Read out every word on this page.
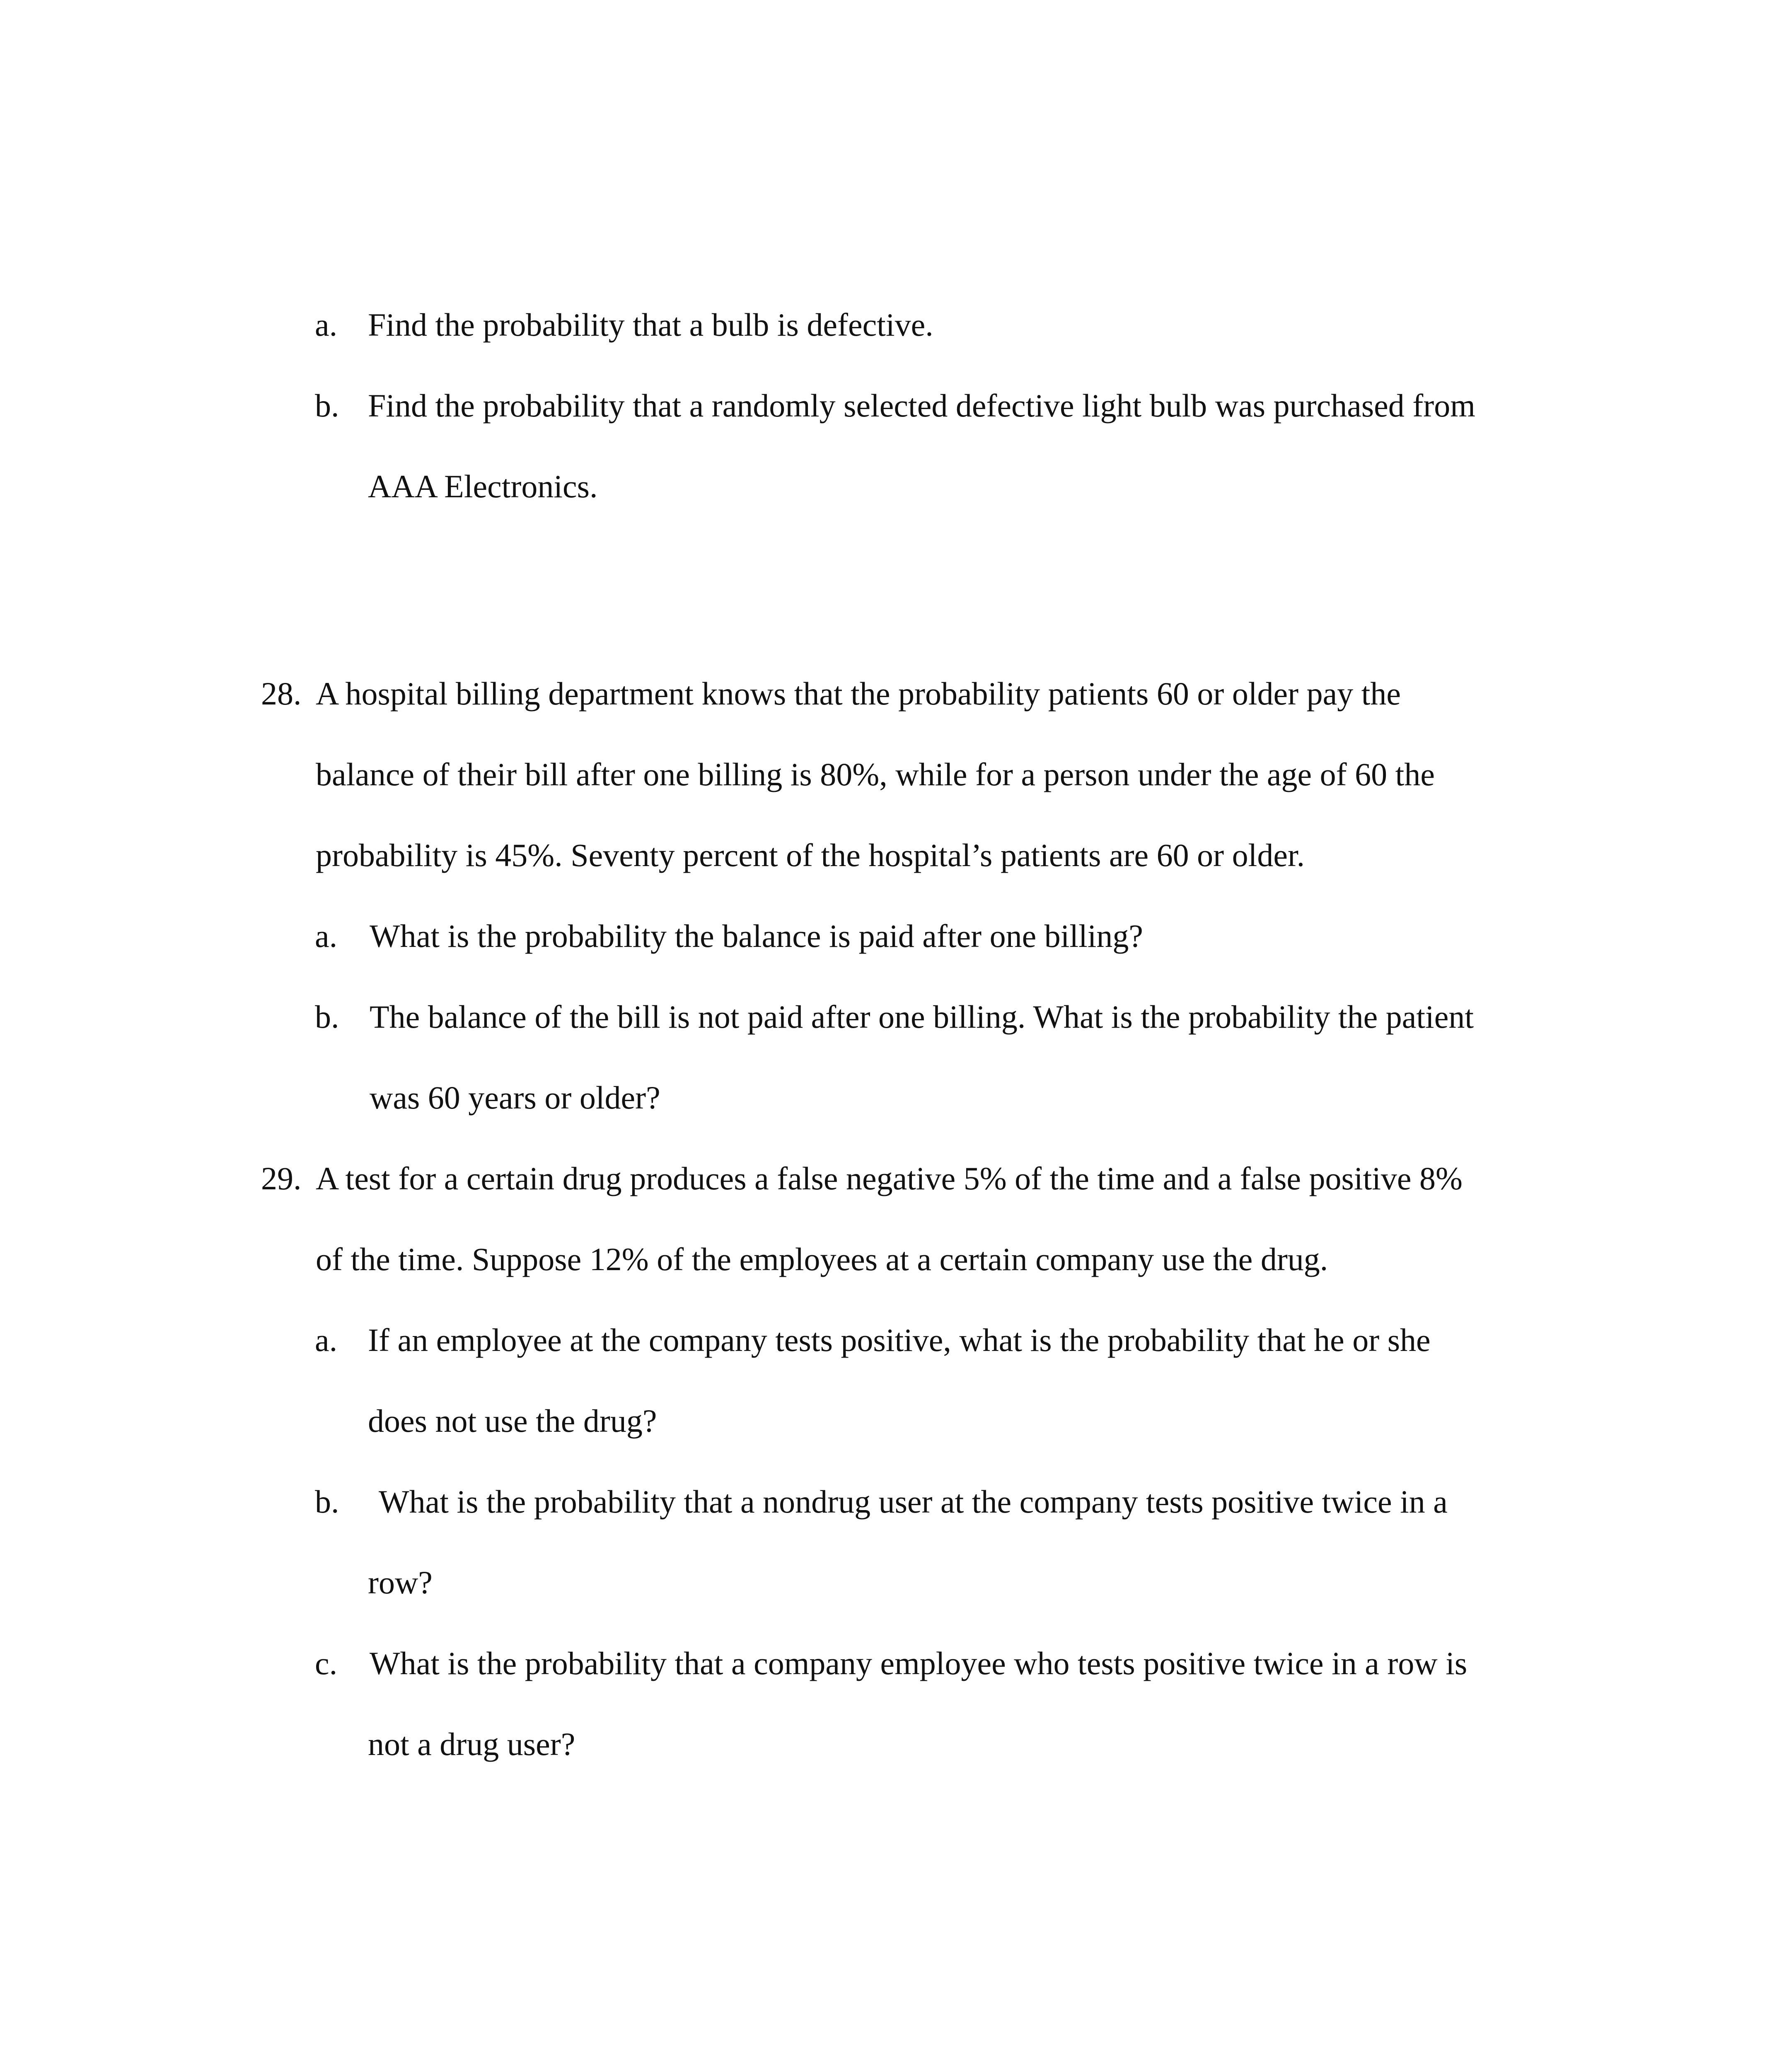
a. Find the probability that a bulb is defective.
b. Find the probability that a randomly selected defective light bulb was purchased from
AAA Electronics.
28. A hospital billing department knows that the probability patients 60 or older pay the
balance of their bill after one billing is 80%, while for a person under the age of 60 the
probability is 45%. Seventy percent of the hospital’s patients are 60 or older.
a. What is the probability the balance is paid after one billing?
b. The balance of the bill is not paid after one billing. What is the probability the patient
was 60 years or older?
29. A test for a certain drug produces a false negative 5% of the time and a false positive 8%
of the time. Suppose 12% of the employees at a certain company use the drug.
a. If an employee at the company tests positive, what is the probability that he or she
does not use the drug?
b. What is the probability that a nondrug user at the company tests positive twice in a
row?
c. What is the probability that a company employee who tests positive twice in a row is
not a drug user?
